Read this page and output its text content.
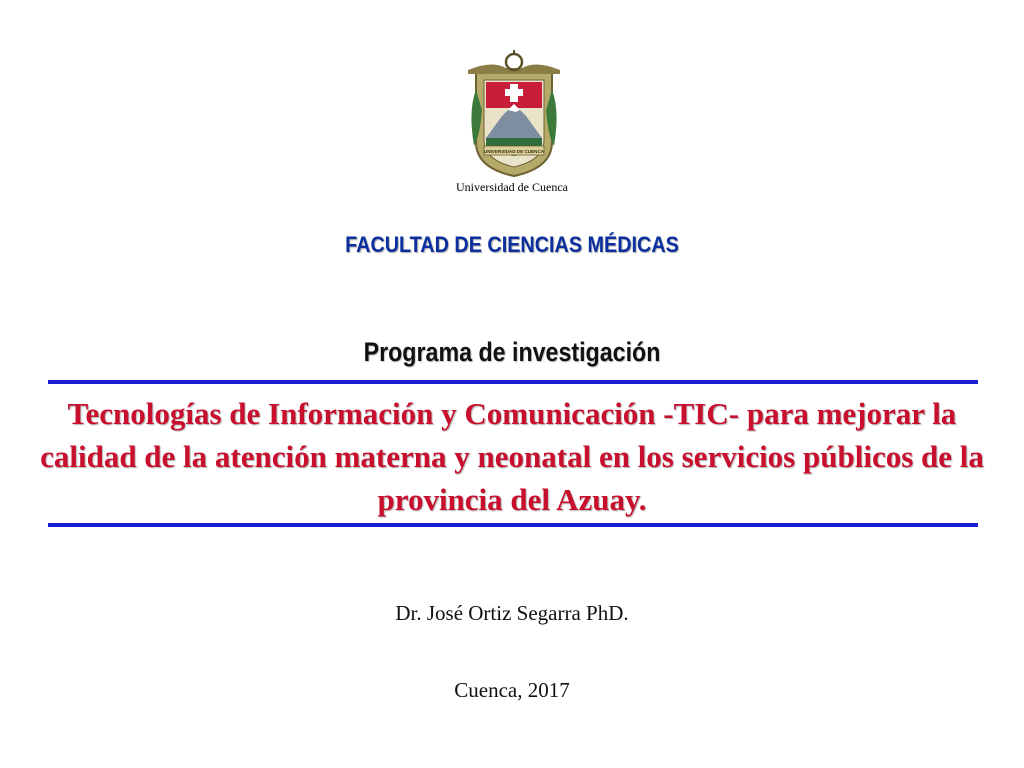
UNIVERSIDAD DE CUENCA
Universidad de Cuenca
FACULTAD DE CIENCIAS MÉDICAS
Programa de investigación
Tecnologías de Información y Comunicación -TIC- para mejorar la calidad de la atención materna y neonatal en los servicios públicos de la provincia del Azuay.
Dr. José Ortiz Segarra PhD.
Cuenca, 2017
